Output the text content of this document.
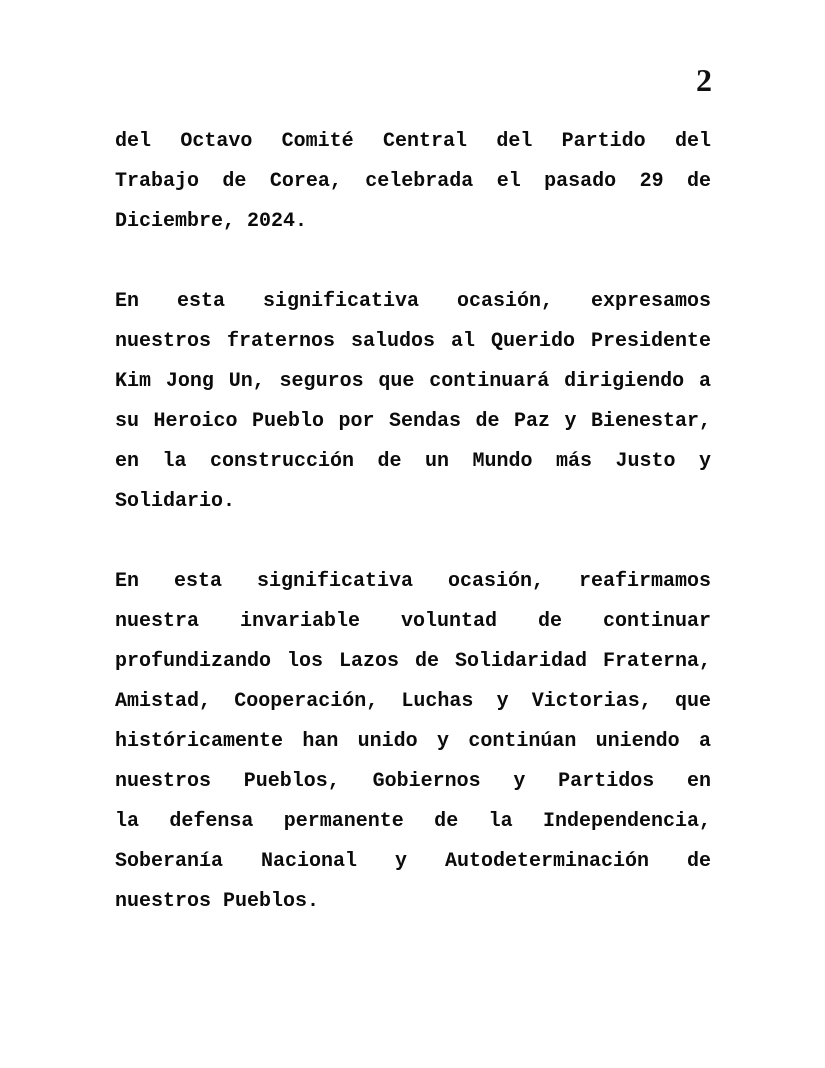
2
del Octavo Comité Central del Partido del
Trabajo de Corea, celebrada el pasado 29 de
Diciembre, 2024.
En esta significativa ocasión, expresamos
nuestros fraternos saludos al Querido Presidente
Kim Jong Un, seguros que continuará dirigiendo a
su Heroico Pueblo por Sendas de Paz y Bienestar,
en la construcción de un Mundo más Justo y
Solidario.
En esta significativa ocasión, reafirmamos
nuestra invariable voluntad de continuar
profundizando los Lazos de Solidaridad Fraterna,
Amistad, Cooperación, Luchas y Victorias, que
históricamente han unido y continúan uniendo a
nuestros Pueblos, Gobiernos y Partidos en
la defensa permanente de la Independencia,
Soberanía Nacional y Autodeterminación de
nuestros Pueblos.
